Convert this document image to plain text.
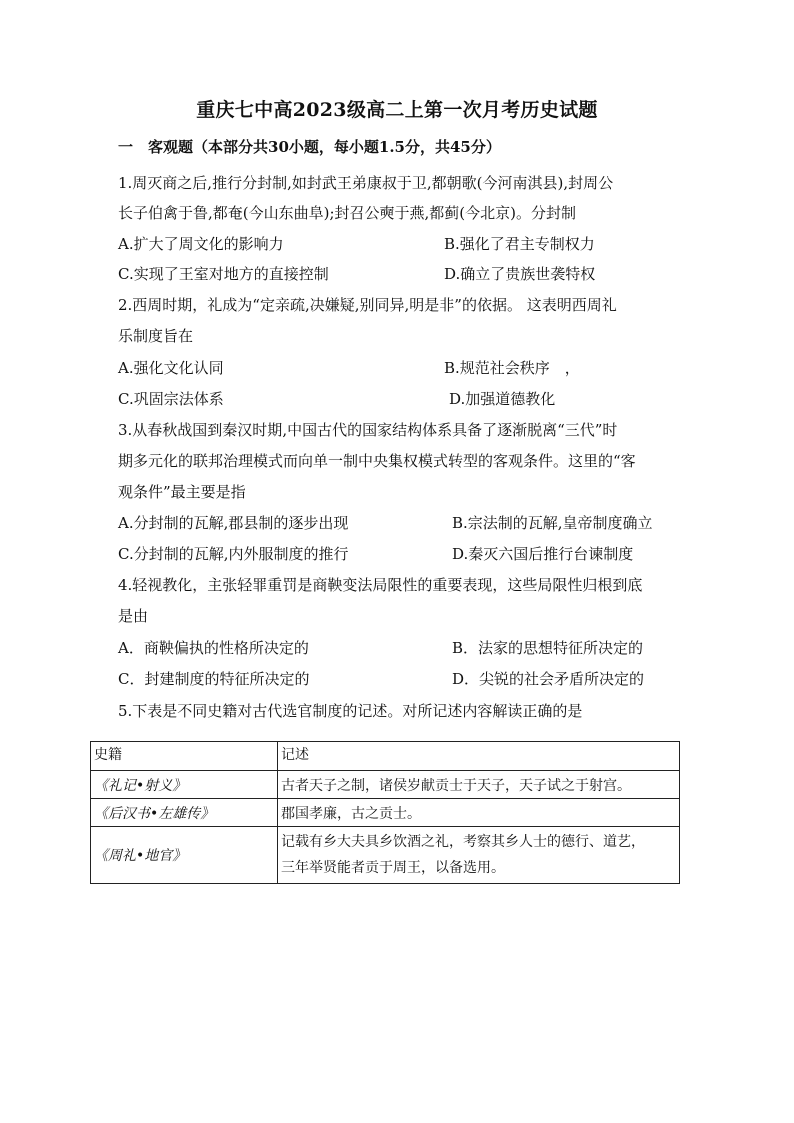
重庆七中高2023级高二上第一次月考历史试题
一　客观题（本部分共30小题，每小题1.5分，共45分）
1.周灭商之后,推行分封制,如封武王弟康叔于卫,都朝歌(今河南淇县),封周公
长子伯禽于鲁,都奄(今山东曲阜);封召公奭于燕,都蓟(今北京)。分封制
A.扩大了周文化的影响力	B.强化了君主专制权力
C.实现了王室对地方的直接控制	D.确立了贵族世袭特权
2.西周时期，礼成为“定亲疏,决嫌疑,别同异,明是非”的依据。 这表明西周礼
乐制度旨在
A.强化文化认同	B.规范社会秩序　，
C.巩固宗法体系	D.加强道德教化
3.从春秋战国到秦汉时期,中国古代的国家结构体系具备了逐渐脱离“三代”时
期多元化的联邦治理模式而向单一制中央集权模式转型的客观条件。这里的“客
观条件”最主要是指
A.分封制的瓦解,郡县制的逐步出现	B.宗法制的瓦解,皇帝制度确立
C.分封制的瓦解,内外服制度的推行	D.秦灭六国后推行台谏制度
4.轻视教化，主张轻罪重罚是商鞅变法局限性的重要表现，这些局限性归根到底
是由
A．商鞅偏执的性格所决定的	B．法家的思想特征所决定的
C．封建制度的特征所决定的	D．尖锐的社会矛盾所决定的
5.下表是不同史籍对古代选官制度的记述。对所记述内容解读正确的是
史籍	记述
《礼记•射义》	古者天子之制，诸侯岁献贡士于天子，天子试之于射宫。
《后汉书•左雄传》	郡国孝廉，古之贡士。
《周礼•地官》	记载有乡大夫具乡饮酒之礼，考察其乡人士的德行、道艺，
三年举贤能者贡于周王，以备选用。
